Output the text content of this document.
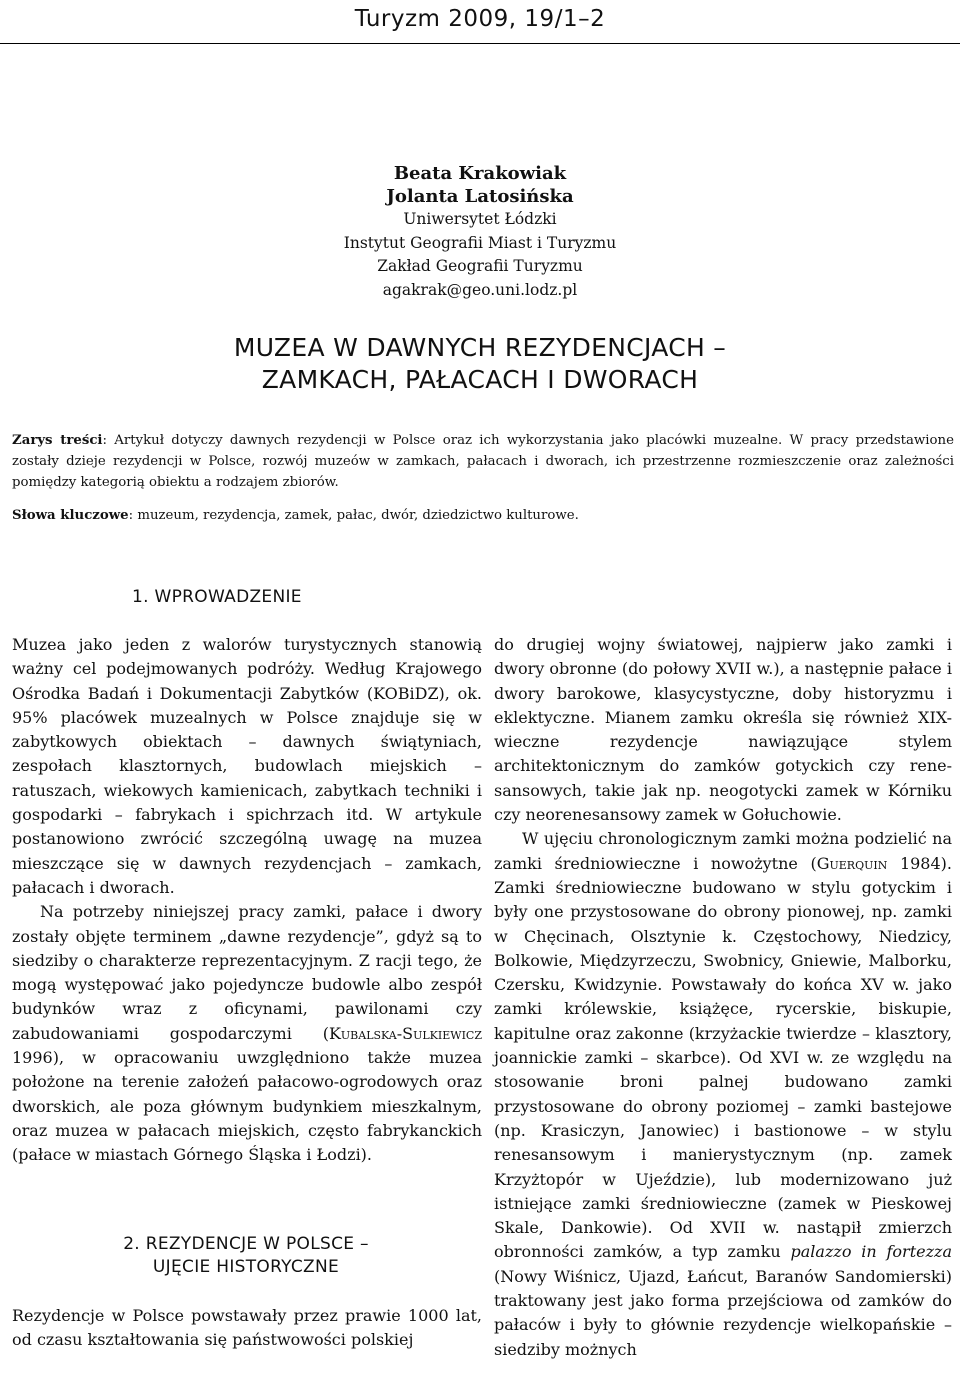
Turyzm 2009, 19/1–2
Beata Krakowiak
Jolanta Latosińska
Uniwersytet Łódzki
Instytut Geografii Miast i Turyzmu
Zakład Geografii Turyzmu
agakrak@geo.uni.lodz.pl
MUZEA W DAWNYCH REZYDENCJACH –
ZAMKACH, PAŁACACH I DWORACH
Zarys treści: Artykuł dotyczy dawnych rezydencji w Polsce oraz ich wykorzystania jako placówki muzealne. W pracy przedstawione zostały dzieje rezydencji w Polsce, rozwój muzeów w zamkach, pałacach i dworach, ich przestrzenne rozmieszczenie oraz zależności pomiędzy kategorią obiektu a rodzajem zbiorów.
Słowa kluczowe: muzeum, rezydencja, zamek, pałac, dwór, dziedzictwo kulturowe.
1. WPROWADZENIE

Muzea jako jeden z walorów turystycznych stanowią ważny cel podejmowanych podróży. Według Krajowego Ośrodka Badań i Dokumentacji Zabytków (KOBiDZ), ok. 95% placówek muzealnych w Polsce znajduje się w zabytkowych obiektach – dawnych świątyniach, zespołach klasztornych, budowlach miejskich – ratuszach, wiekowych kamienicach, zabytkach techniki i gospodarki – fabrykach i spichrzach itd. W artykule postanowiono zwrócić szczególną uwagę na muzea mieszczące się w dawnych rezydencjach – zamkach, pałacach i dworach.

Na potrzeby niniejszej pracy zamki, pałace i dwory zostały objęte terminem „dawne rezydencje”, gdyż są to siedziby o charakterze reprezentacyjnym. Z racji tego, że mogą występować jako pojedyncze budowle albo zespół budynków wraz z oficynami, pawilonami czy zabudowaniami gospodarczymi (Kubalska-Sulkiewicz 1996), w opracowaniu uwzględniono także muzea położone na terenie założeń pałacowo-ogrodowych oraz dworskich, ale poza głównym budynkiem mieszkalnym, oraz muzea w pałacach miejskich, często fabrykanckich (pałace w miastach Górnego Śląska i Łodzi).

2. REZYDENCJE W POLSCE –
UJĘCIE HISTORYCZNE

Rezydencje w Polsce powstawały przez prawie 1000 lat, od czasu kształtowania się państwowości polskiej

do drugiej wojny światowej, najpierw jako zamki i dwory obronne (do połowy XVII w.), a następnie pałace i dwory barokowe, klasycystyczne, doby historyzmu i eklektyczne. Mianem zamku określa się również XIX-wieczne rezydencje nawiązujące stylem architektonicznym do zamków gotyckich czy renesansowych, takie jak np. neogotycki zamek w Kórniku czy neorenesansowy zamek w Gołuchowie.

W ujęciu chronologicznym zamki można podzielić na zamki średniowieczne i nowożytne (Guerquin 1984). Zamki średniowieczne budowano w stylu gotyckim i były one przystosowane do obrony pionowej, np. zamki w Chęcinach, Olsztynie k. Częstochowy, Niedzicy, Bolkowie, Międzyrzeczu, Swobnicy, Gniewie, Malborku, Czersku, Kwidzynie. Powstawały do końca XV w. jako zamki królewskie, książęce, rycerskie, biskupie, kapitulne oraz zakonne (krzyżackie twierdze – klasztory, joannickie zamki – skarbce). Od XVI w. ze względu na stosowanie broni palnej budowano zamki przystosowane do obrony poziomej – zamki bastejowe (np. Krasiczyn, Janowiec) i bastionowe – w stylu renesansowym i manierystycznym (np. zamek Krzyżtopór w Ujeździe), lub modernizowano już istniejące zamki średniowieczne (zamek w Pieskowej Skale, Dankowie). Od XVII w. nastąpił zmierzch obronności zamków, a typ zamku palazzo in fortezza (Nowy Wiśnicz, Ujazd, Łańcut, Baranów Sandomierski) traktowany jest jako forma przejściowa od zamków do pałaców i były to głównie rezydencje wielkopańskie – siedziby możnych
